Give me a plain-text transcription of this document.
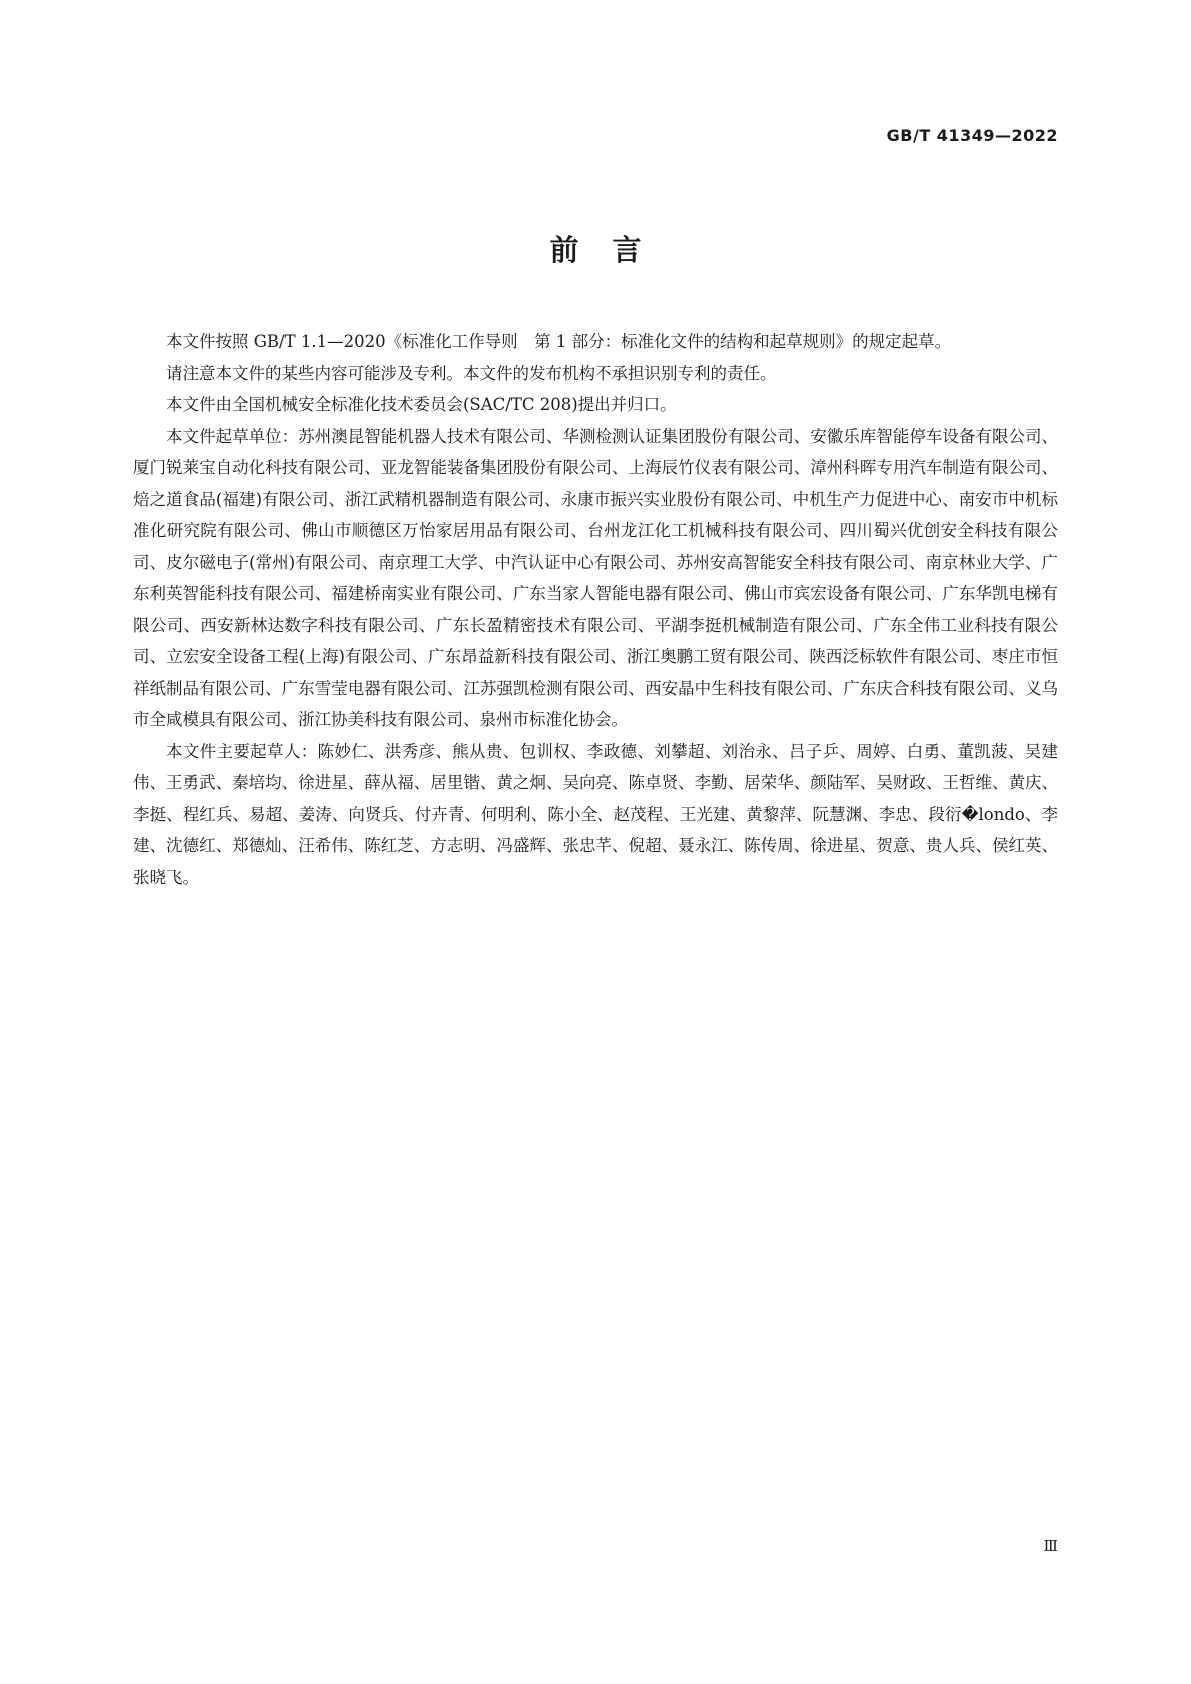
GB/T 41349—2022
前言

本文件按照 GB/T 1.1—2020《标准化工作导则　第 1 部分：标准化文件的结构和起草规则》的规定起草。

请注意本文件的某些内容可能涉及专利。本文件的发布机构不承担识别专利的责任。

本文件由全国机械安全标准化技术委员会(SAC/TC 208)提出并归口。

本文件起草单位：苏州澳昆智能机器人技术有限公司、华测检测认证集团股份有限公司、安徽乐库智能停车设备有限公司、厦门锐莱宝自动化科技有限公司、亚龙智能装备集团股份有限公司、上海辰竹仪表有限公司、漳州科晖专用汽车制造有限公司、焙之道食品(福建)有限公司、浙江武精机器制造有限公司、永康市振兴实业股份有限公司、中机生产力促进中心、南安市中机标准化研究院有限公司、佛山市顺德区万怡家居用品有限公司、台州龙江化工机械科技有限公司、四川蜀兴优创安全科技有限公司、皮尔磁电子(常州)有限公司、南京理工大学、中汽认证中心有限公司、苏州安高智能安全科技有限公司、南京林业大学、广东利英智能科技有限公司、福建桥南实业有限公司、广东当家人智能电器有限公司、佛山市宾宏设备有限公司、广东华凯电梯有限公司、西安新林达数字科技有限公司、广东长盈精密技术有限公司、平湖李挺机械制造有限公司、广东全伟工业科技有限公司、立宏安全设备工程(上海)有限公司、广东昂益新科技有限公司、浙江奥鹏工贸有限公司、陕西泛标软件有限公司、枣庄市恒祥纸制品有限公司、广东雪莹电器有限公司、江苏强凯检测有限公司、西安晶中生科技有限公司、广东庆合科技有限公司、义乌市全咸模具有限公司、浙江协美科技有限公司、泉州市标准化协会。

本文件主要起草人：陈妙仁、洪秀彦、熊从贵、包训权、李政德、刘攀超、刘治永、吕子乒、周婷、白勇、董凯菠、吴建伟、王勇武、秦培均、徐进星、薛从福、居里锴、黄之炯、吴向亮、陈卓贤、李勤、居荣华、颜陆军、吴财政、王哲维、黄庆、李挺、程红兵、易超、姜涛、向贤兵、付卉青、何明利、陈小全、赵茂程、王光建、黄黎萍、阮慧渊、李忠、段衍�londo、李建、沈德红、郑德灿、汪希伟、陈红芝、方志明、冯盛辉、张忠芊、倪超、聂永江、陈传周、徐进星、贺意、贵人兵、侯红英、张晓飞。

Ⅲ
